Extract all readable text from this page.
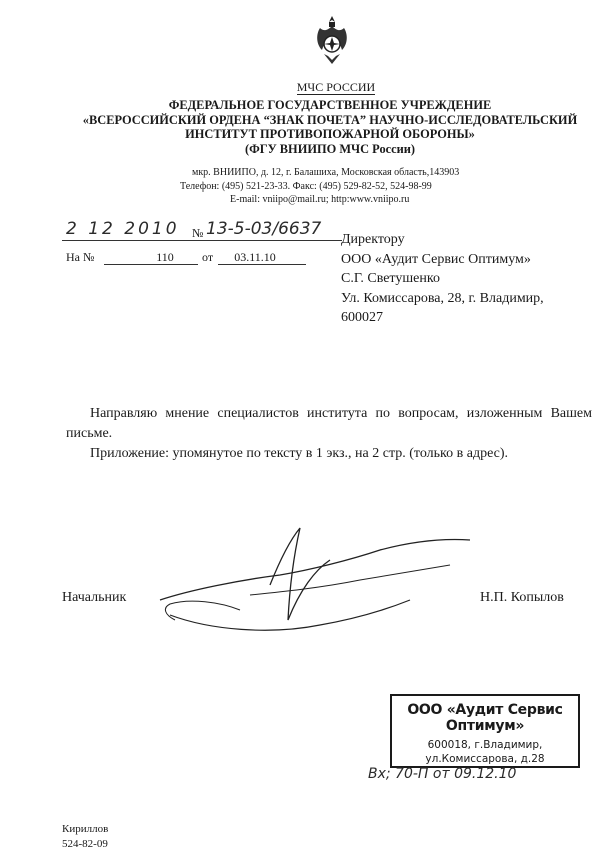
МЧС РОССИИ
ФЕДЕРАЛЬНОЕ ГОСУДАРСТВЕННОЕ УЧРЕЖДЕНИЕ
«ВСЕРОССИЙСКИЙ ОРДЕНА “ЗНАК ПОЧЕТА” НАУЧНО-ИССЛЕДОВАТЕЛЬСКИЙ
ИНСТИТУТ ПРОТИВОПОЖАРНОЙ ОБОРОНЫ»
(ФГУ ВНИИПО МЧС России)
мкр. ВНИИПО, д. 12, г. Балашиха, Московская область,143903
Телефон: (495) 521-23-33. Факс: (495) 529-82-52, 524-98-99
E-mail: vniipo@mail.ru; http:www.vniipo.ru
2 12 2010 № 13-5-03/6637
На №	110	от	03.11.10
Директору
ООО «Аудит Сервис Оптимум»
С.Г. Светушенко
Ул. Комиссарова, 28, г. Владимир,
600027
Направляю мнение специалистов института по вопросам, изложенным Вашем письме.
Приложение: упомянутое по тексту в 1 экз., на 2 стр. (только в адрес).
Начальник	Н.П. Копылов
ООО «Аудит Сервис Оптимум»
600018, г.Владимир,
ул.Комиссарова, д.28
Вх; 70-П от 09.12.10
Кириллов
524-82-09
